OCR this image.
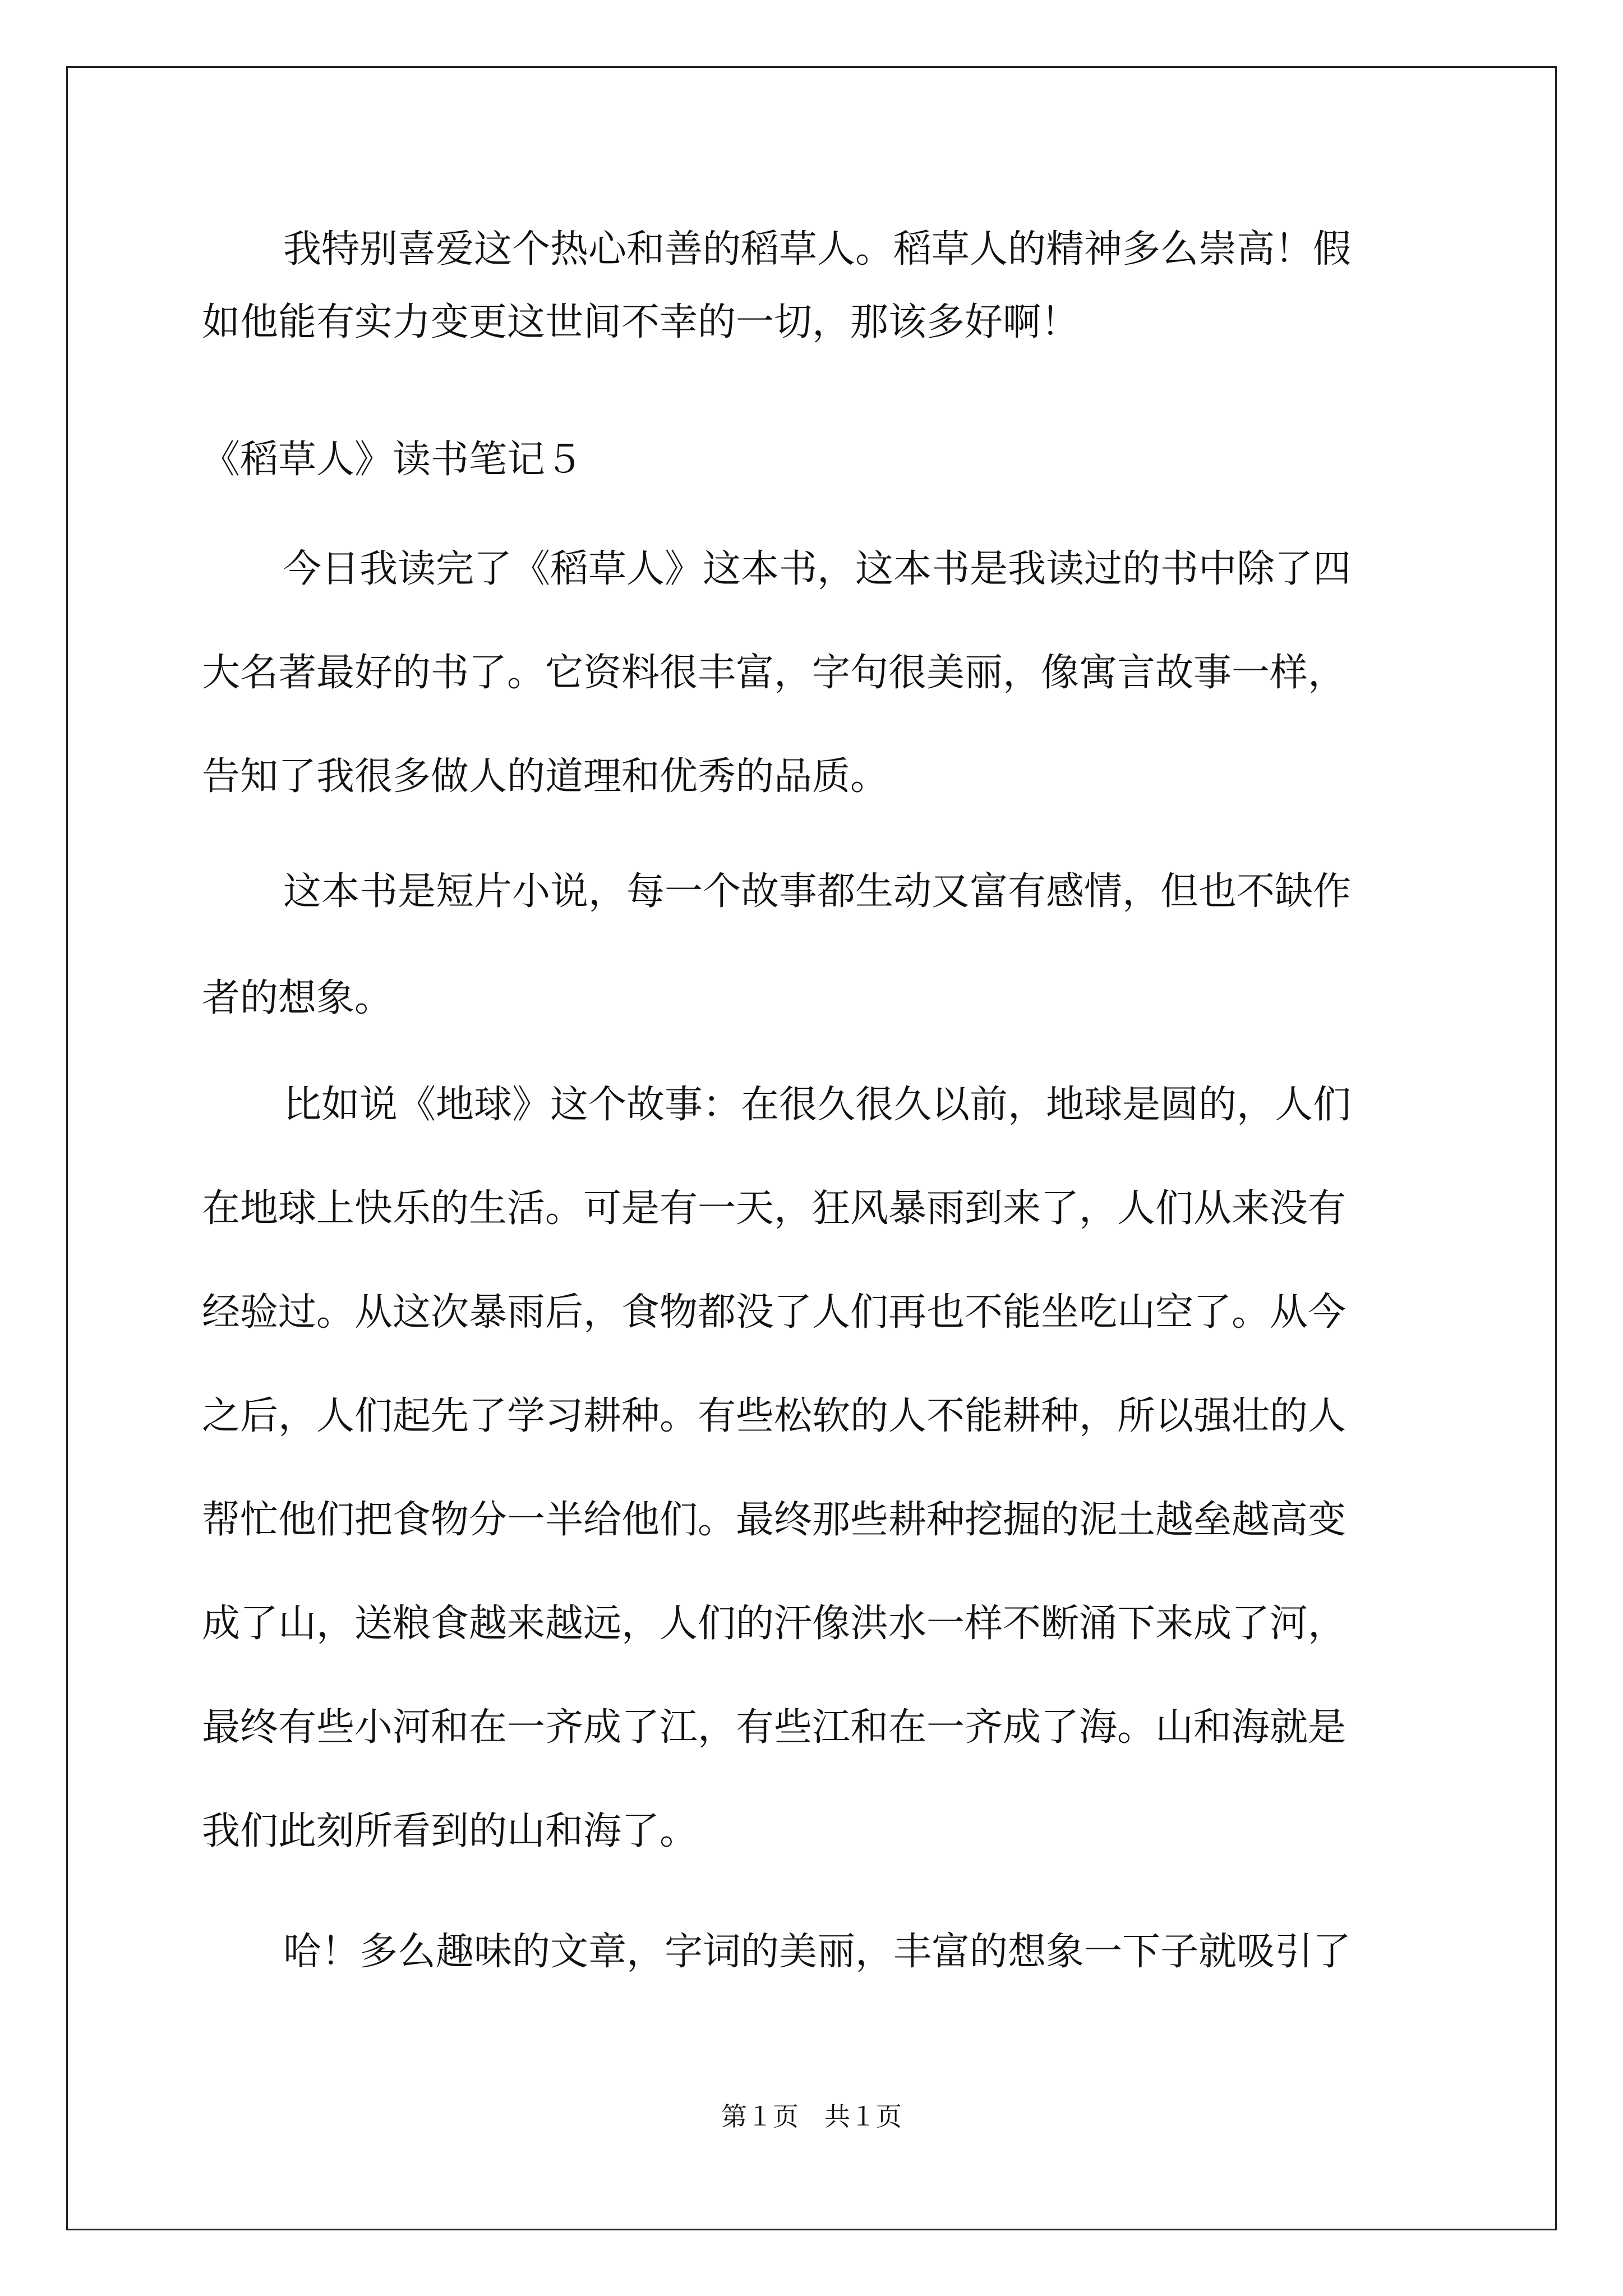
我特别喜爱这个热心和善的稻草人。稻草人的精神多么崇高！假
如他能有实力变更这世间不幸的一切，那该多好啊！
《稻草人》读书笔记５
今日我读完了《稻草人》这本书，这本书是我读过的书中除了四
大名著最好的书了。它资料很丰富，字句很美丽，像寓言故事一样，
告知了我很多做人的道理和优秀的品质。
这本书是短片小说，每一个故事都生动又富有感情，但也不缺作
者的想象。
比如说《地球》这个故事：在很久很久以前，地球是圆的，人们
在地球上快乐的生活。可是有一天，狂风暴雨到来了，人们从来没有
经验过。从这次暴雨后，食物都没了人们再也不能坐吃山空了。从今
之后，人们起先了学习耕种。有些松软的人不能耕种，所以强壮的人
帮忙他们把食物分一半给他们。最终那些耕种挖掘的泥土越垒越高变
成了山，送粮食越来越远，人们的汗像洪水一样不断涌下来成了河，
最终有些小河和在一齐成了江，有些江和在一齐成了海。山和海就是
我们此刻所看到的山和海了。
哈！多么趣味的文章，字词的美丽，丰富的想象一下子就吸引了
第１页　共１页
